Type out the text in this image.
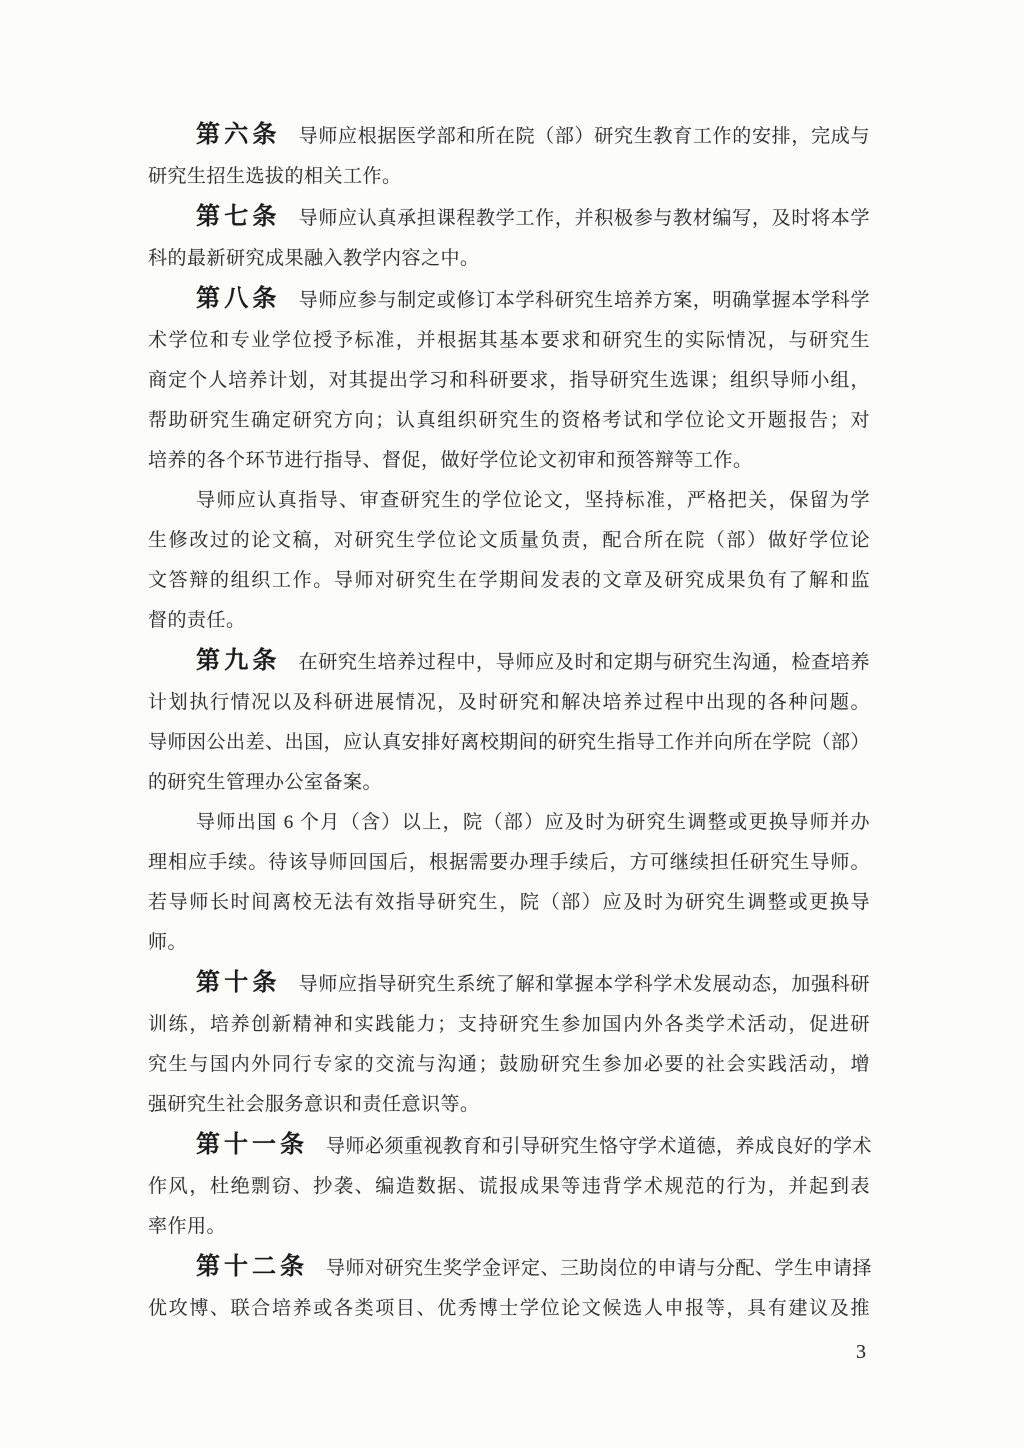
第六条 导师应根据医学部和所在院（部）研究生教育工作的安排，完成与
研究生招生选拔的相关工作。

第七条 导师应认真承担课程教学工作，并积极参与教材编写，及时将本学
科的最新研究成果融入教学内容之中。

第八条 导师应参与制定或修订本学科研究生培养方案，明确掌握本学科学
术学位和专业学位授予标准，并根据其基本要求和研究生的实际情况，与研究生
商定个人培养计划，对其提出学习和科研要求，指导研究生选课；组织导师小组，
帮助研究生确定研究方向；认真组织研究生的资格考试和学位论文开题报告；对
培养的各个环节进行指导、督促，做好学位论文初审和预答辩等工作。

导师应认真指导、审查研究生的学位论文，坚持标准，严格把关，保留为学
生修改过的论文稿，对研究生学位论文质量负责，配合所在院（部）做好学位论
文答辩的组织工作。导师对研究生在学期间发表的文章及研究成果负有了解和监
督的责任。

第九条 在研究生培养过程中，导师应及时和定期与研究生沟通，检查培养
计划执行情况以及科研进展情况，及时研究和解决培养过程中出现的各种问题。
导师因公出差、出国，应认真安排好离校期间的研究生指导工作并向所在学院（部）
的研究生管理办公室备案。

导师出国 6 个月（含）以上，院（部）应及时为研究生调整或更换导师并办
理相应手续。待该导师回国后，根据需要办理手续后，方可继续担任研究生导师。
若导师长时间离校无法有效指导研究生，院（部）应及时为研究生调整或更换导
师。

第十条 导师应指导研究生系统了解和掌握本学科学术发展动态，加强科研
训练，培养创新精神和实践能力；支持研究生参加国内外各类学术活动，促进研
究生与国内外同行专家的交流与沟通；鼓励研究生参加必要的社会实践活动，增
强研究生社会服务意识和责任意识等。

第十一条 导师必须重视教育和引导研究生恪守学术道德，养成良好的学术
作风，杜绝剽窃、抄袭、编造数据、谎报成果等违背学术规范的行为，并起到表
率作用。

第十二条 导师对研究生奖学金评定、三助岗位的申请与分配、学生申请择
优攻博、联合培养或各类项目、优秀博士学位论文候选人申报等，具有建议及推

3
